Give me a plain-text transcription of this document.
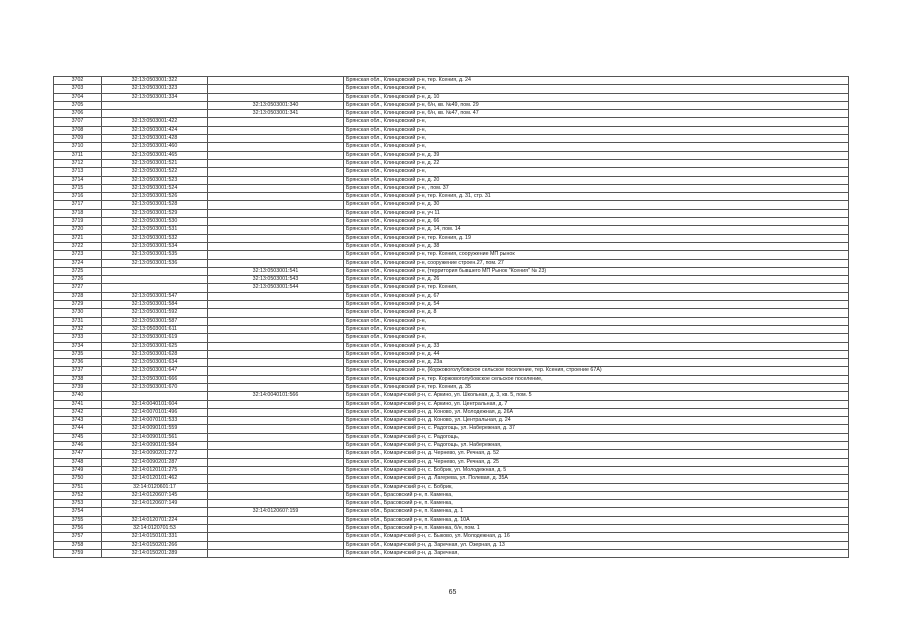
3702	32:13:0503001:322		Брянская обл., Клинцовский р-н, тер. Ксения, д. 24
3703	32:13:0503001:323		Брянская обл., Клинцовский р-н,
3704	32:13:0503001:334		Брянская обл., Клинцовский р-н, д. 10
3705		32:13:0503001:340	Брянская обл., Клинцовский р-н, б/н, кв. №49, пом. 29
3706		32:13:0503001:341	Брянская обл., Клинцовский р-н, б/н, кв. №47, пом. 47
3707	32:13:0503001:422		Брянская обл., Клинцовский р-н,
3708	32:13:0503001:424		Брянская обл., Клинцовский р-н,
3709	32:13:0503001:428		Брянская обл., Клинцовский р-н,
3710	32:13:0503001:460		Брянская обл., Клинцовский р-н,
3711	32:13:0503001:465		Брянская обл., Клинцовский р-н, д. 39
3712	32:13:0503001:521		Брянская обл., Клинцовский р-н, д. 22
3713	32:13:0503001:522		Брянская обл., Клинцовский р-н,
3714	32:13:0503001:523		Брянская обл., Клинцовский р-н, д. 20
3715	32:13:0503001:524		Брянская обл., Клинцовский р-н, , пом. 37
3716	32:13:0503001:526		Брянская обл., Клинцовский р-н, тер. Ксения, д. 31, стр. 31
3717	32:13:0503001:528		Брянская обл., Клинцовский р-н, д. 30
3718	32:13:0503001:529		Брянская обл., Клинцовский р-н, уч 11
3719	32:13:0503001:530		Брянская обл., Клинцовский р-н, д. 66
3720	32:13:0503001:531		Брянская обл., Клинцовский р-н, д. 14, пом. 14
3721	32:13:0503001:532		Брянская обл., Клинцовский р-н, тер. Ксения, д. 19
3722	32:13:0503001:534		Брянская обл., Клинцовский р-н, д. 38
3723	32:13:0503001:535		Брянская обл., Клинцовский р-н, тер. Ксения, сооружение МП рынок
3724	32:13:0503001:536		Брянская обл., Клинцовский р-н, сооружение строен.27, пом. 27
3725		32:13:0503001:541	Брянская обл., Клинцовский р-н, (территория бывшего МП Рынок "Ксения" № 23)
3726		32:13:0503001:543	Брянская обл., Клинцовский р-н, д. 26
3727		32:13:0503001:544	Брянская обл., Клинцовский р-н, тер. Ксения,
3728	32:13:0503001:547		Брянская обл., Клинцовский р-н, д. 67
3729	32:13:0503001:584		Брянская обл., Клинцовский р-н, д. 54
3730	32:13:0503001:592		Брянская обл., Клинцовский р-н, д. 8
3731	32:13:0503001:587		Брянская обл., Клинцовский р-н,
3732	32:13:0503001:611		Брянская обл., Клинцовский р-н,
3733	32:13:0503001:619		Брянская обл., Клинцовский р-н,
3734	32:13:0503001:625		Брянская обл., Клинцовский р-н, д. 33
3735	32:13:0503001:628		Брянская обл., Клинцовский р-н, д. 44
3736	32:13:0503001:634		Брянская обл., Клинцовский р-н, д. 23а
3737	32:13:0503001:647		Брянская обл., Клинцовский р-н, (Коржовоголубовское сельское поселение, тер. Ксения, строение 67А)
3738	32:13:0503001:666		Брянская обл., Клинцовский р-н, тер. Коржовоголубовское сельское поселение,
3739	32:13:0503001:670		Брянская обл., Клинцовский р-н, тер. Ксения, д. 35
3740		32:14:0040101:566	Брянская обл., Комаричский р-н, с. Аркино, ул. Школьная, д. 3, кв. 5, пом. 5
3741	32:14:0040101:604		Брянская обл., Комаричский р-н, с. Аркино, ул. Центральная, д. 7
3742	32:14:0070101:496		Брянская обл., Комаричский р-н, д. Коново, ул. Молодежная, д. 26А
3743	32:14:0070101:533		Брянская обл., Комаричский р-н, д. Коново, ул. Центральная, д. 24
3744	32:14:0090101:559		Брянская обл., Комаричский р-н, с. Радогощь, ул. Набережная, д. 37
3745	32:14:0090101:561		Брянская обл., Комаричский р-н, с. Радогощь,
3746	32:14:0090101:584		Брянская обл., Комаричский р-н, с. Радогощь, ул. Набережная,
3747	32:14:0090201:272		Брянская обл., Комаричский р-н, д. Чернево, ул. Речная, д. 52
3748	32:14:0090201:287		Брянская обл., Комаричский р-н, д. Чернево, ул. Речная, д. 25
3749	32:14:0120101:275		Брянская обл., Комаричский р-н, с. Бобрик, ул. Молодежная, д. 5
3750	32:14:0120101:462		Брянская обл., Комаричский р-н, д. Лагерева, ул. Полевая, д. 35А
3751	32:14:0120601:17		Брянская обл., Комаричский р-н, с. Бобрик,
3752	32:14:0120607:145		Брянская обл., Брасовский р-н, п. Каменка,
3753	32:14:0120607:149		Брянская обл., Брасовский р-н, п. Каменка,
3754		32:14:0120607:159	Брянская обл., Брасовский р-н, п. Каменка, д. 1
3755	32:14:0120701:224		Брянская обл., Брасовский р-н, п. Каменка, д. 10А
3756	32:14:0120701:53		Брянская обл., Брасовский р-н, п. Каменка, б/н, пом. 1
3757	32:14:0150101:331		Брянская обл., Комаричский р-н, с. Быково, ул. Молодежная, д. 16
3758	32:14:0150201:266		Брянская обл., Комаричский р-н, д. Заречная, ул. Озерная, д. 13
3759	32:14:0150201:289		Брянская обл., Комаричский р-н, д. Заречная,
65
